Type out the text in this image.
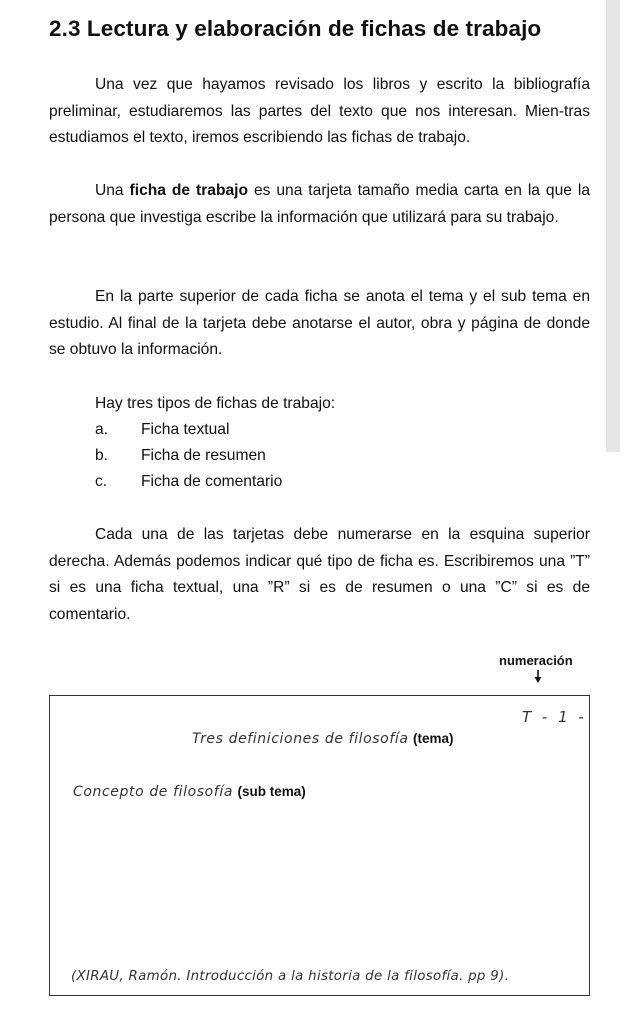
2.3 Lectura y elaboración de fichas de trabajo

Una vez que hayamos revisado los libros y escrito la bibliografía preliminar, estudiaremos las partes del texto que nos interesan. Mien-tras estudiamos el texto, iremos escribiendo las fichas de trabajo.

Una ficha de trabajo es una tarjeta tamaño media carta en la que la persona que investiga escribe la información que utilizará para su trabajo.

En la parte superior de cada ficha se anota el tema y el sub tema en estudio. Al final de la tarjeta debe anotarse el autor, obra y página de donde se obtuvo la información.

Hay tres tipos de fichas de trabajo:
a. Ficha textual
b. Ficha de resumen
c. Ficha de comentario

Cada una de las tarjetas debe numerarse en la esquina superior derecha. Además podemos indicar qué tipo de ficha es. Escribiremos una ”T” si es una ficha textual, una ”R” si es de resumen o una ”C” si es de comentario.

numeración
T - 1 -
Tres definiciones de filosofía (tema)
Concepto de filosofía (sub tema)
(XIRAU, Ramón. Introducción a la historia de la filosofía. pp 9).
